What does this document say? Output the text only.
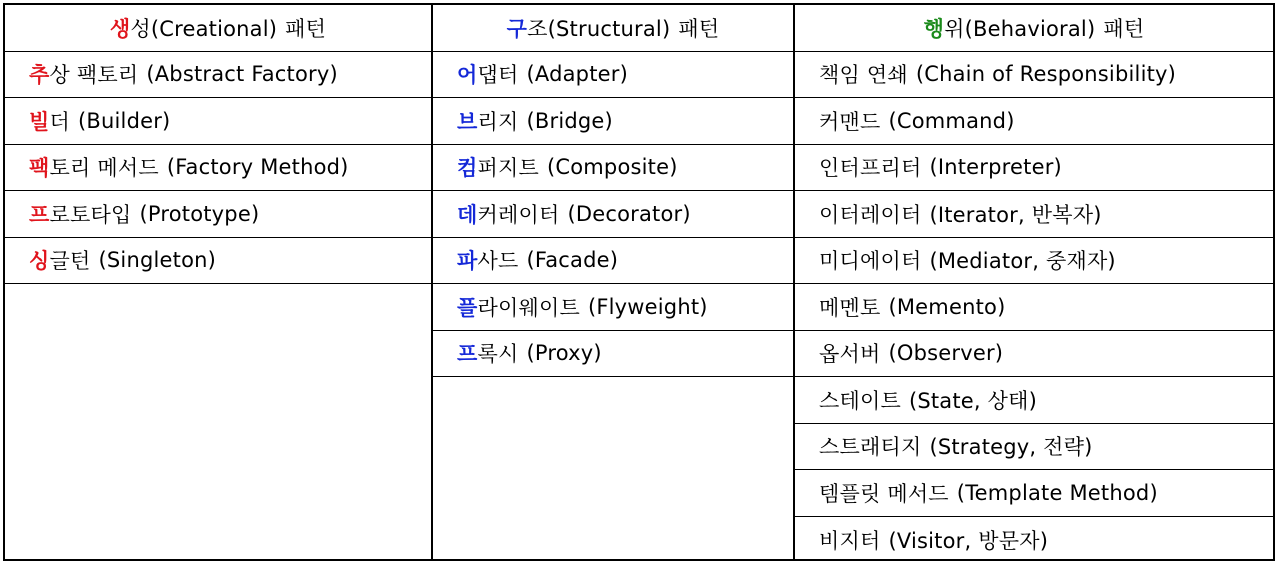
생 성(Creational) 패턴
추 상 팩토리 (Abstract Factory)
빌 더 (Builder)
팩 토리 메서드 (Factory Method)
프 로토타입 (Prototype)
싱 글턴 (Singleton)
구 조(Structural) 패턴
어 댑터 (Adapter)
브 리지 (Bridge)
컴 퍼지트 (Composite)
데 커레이터 (Decorator)
파 사드 (Facade)
플 라이웨이트 (Flyweight)
프 록시 (Proxy)
행 위(Behavioral) 패턴
책임 연쇄 (Chain of Responsibility)
커맨드 (Command)
인터프리터 (Interpreter)
이터레이터 (Iterator, 반복자)
미디에이터 (Mediator, 중재자)
메멘토 (Memento)
옵서버 (Observer)
스테이트 (State, 상태)
스트래티지 (Strategy, 전략)
템플릿 메서드 (Template Method)
비지터 (Visitor, 방문자)
